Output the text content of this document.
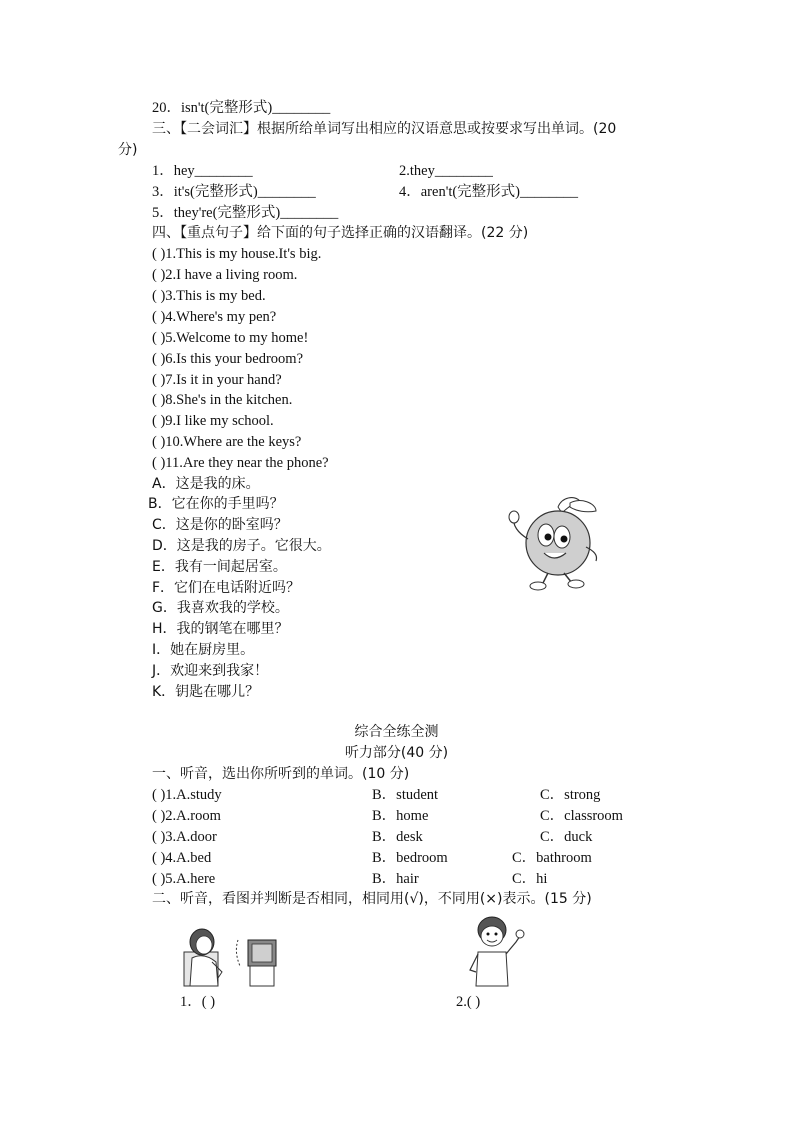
20．isn't(完整形式)________
三、【二会词汇】根据所给单词写出相应的汉语意思或按要求写出单词。(20
分)
1．hey________	2.they________
3．it's(完整形式)________	4．aren't(完整形式)________
5．they're(完整形式)________
四、【重点句子】给下面的句子选择正确的汉语翻译。(22 分)
( )1.This is my house.It's big.
( )2.I have a living room.
( )3.This is my bed.
( )4.Where's my pen?
( )5.Welcome to my home!
( )6.Is this your bedroom?
( )7.Is it in your hand?
( )8.She's in the kitchen.
( )9.I like my school.
( )10.Where are the keys?
( )11.Are they near the phone?
A．这是我的床。
B．它在你的手里吗？
C．这是你的卧室吗？
D．这是我的房子。它很大。
E．我有一间起居室。
F．它们在电话附近吗？
G．我喜欢我的学校。
H．我的钢笔在哪里？
I．她在厨房里。
J．欢迎来到我家！
K．钥匙在哪儿？
综合全练全测
听力部分(40 分)
一、听音，选出你所听到的单词。(10 分)
( )1.A.study	B．student	C．strong
( )2.A.room	B．home	C．classroom
( )3.A.door	B．desk	C．duck
( )4.A.bed	B．bedroom	C．bathroom
( )5.A.here	B．hair	C．hi
二、听音，看图并判断是否相同，相同用(√)，不同用(×)表示。(15 分)
1．( )	2.( )
